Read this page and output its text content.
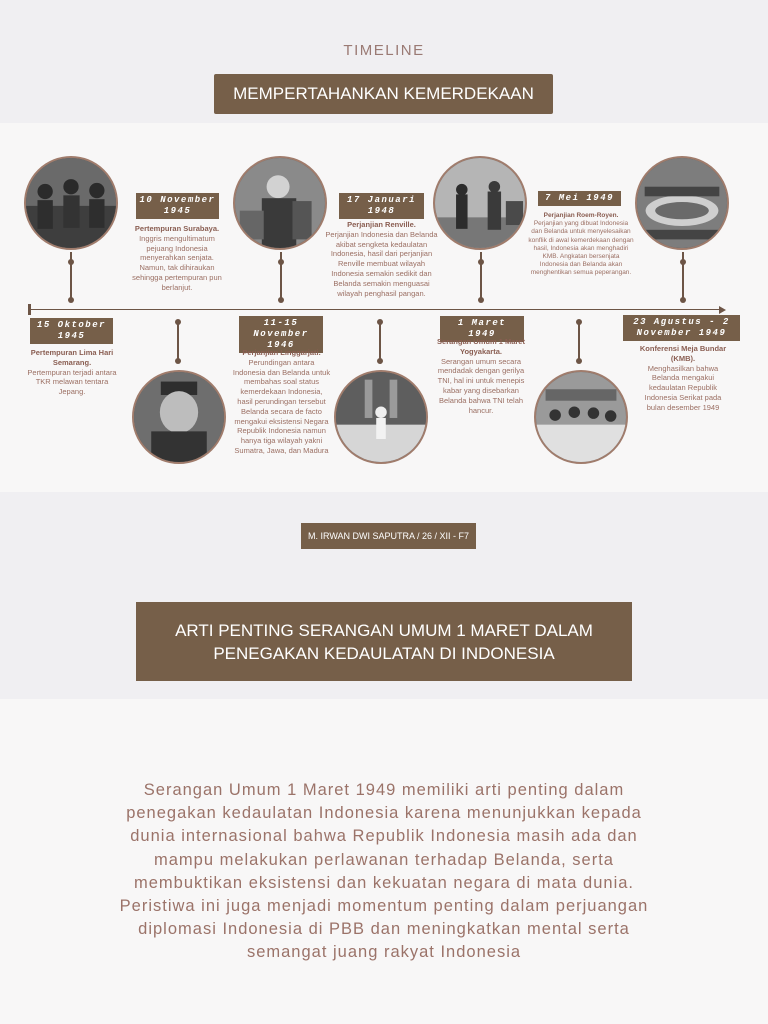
TIMELINE
MEMPERTAHANKAN KEMERDEKAAN
15 Oktober 1945
Pertempuran Lima Hari Semarang.
Pertempuran terjadi antara TKR melawan tentara Jepang.
10 November 1945
Pertempuran Surabaya.
Inggris mengultimatum pejuang Indonesia menyerahkan senjata. Namun, tak dihiraukan sehingga pertempuran pun berlanjut.
11-15 November 1946
Perjanjian Linggarjati.
Perundingan antara Indonesia dan Belanda untuk membahas soal status kemerdekaan Indonesia, hasil perundingan tersebut Belanda secara de facto mengakui eksistensi Negara Republik Indonesia namun hanya tiga wilayah yakni Sumatra, Jawa, dan Madura
17 Januari 1948
Perjanjian Renville.
Perjanjian Indonesia dan Belanda akibat sengketa kedaulatan Indonesia, hasil dari perjanjian Renville membuat wilayah Indonesia semakin sedikit dan Belanda semakin menguasai wilayah penghasil pangan.
1 Maret 1949
Serangan Umum 1 Maret Yogyakarta.
Serangan umum secara mendadak dengan gerilya TNI, hal ini untuk menepis kabar yang disebarkan Belanda bahwa TNI telah hancur.
7 Mei 1949
Perjanjian Roem-Royen.
Perjanjian yang dibuat Indonesia dan Belanda untuk menyelesaikan konflik di awal kemerdekaan dengan hasil, Indonesia akan menghadiri KMB. Angkatan bersenjata Indonesia dan Belanda akan menghentikan semua peperangan.
23 Agustus - 2 November 1949
Konferensi Meja Bundar (KMB).
Menghasilkan bahwa Belanda mengakui kedaulatan Republik Indonesia Serikat pada bulan desember 1949
M. IRWAN DWI SAPUTRA / 26 / XII - F7
ARTI PENTING SERANGAN UMUM 1 MARET DALAM PENEGAKAN KEDAULATAN DI INDONESIA
Serangan Umum 1 Maret 1949 memiliki arti penting dalam penegakan kedaulatan Indonesia karena menunjukkan kepada dunia internasional bahwa Republik Indonesia masih ada dan mampu melakukan perlawanan terhadap Belanda, serta membuktikan eksistensi dan kekuatan negara di mata dunia. Peristiwa ini juga menjadi momentum penting dalam perjuangan diplomasi Indonesia di PBB dan meningkatkan mental serta semangat juang rakyat Indonesia
